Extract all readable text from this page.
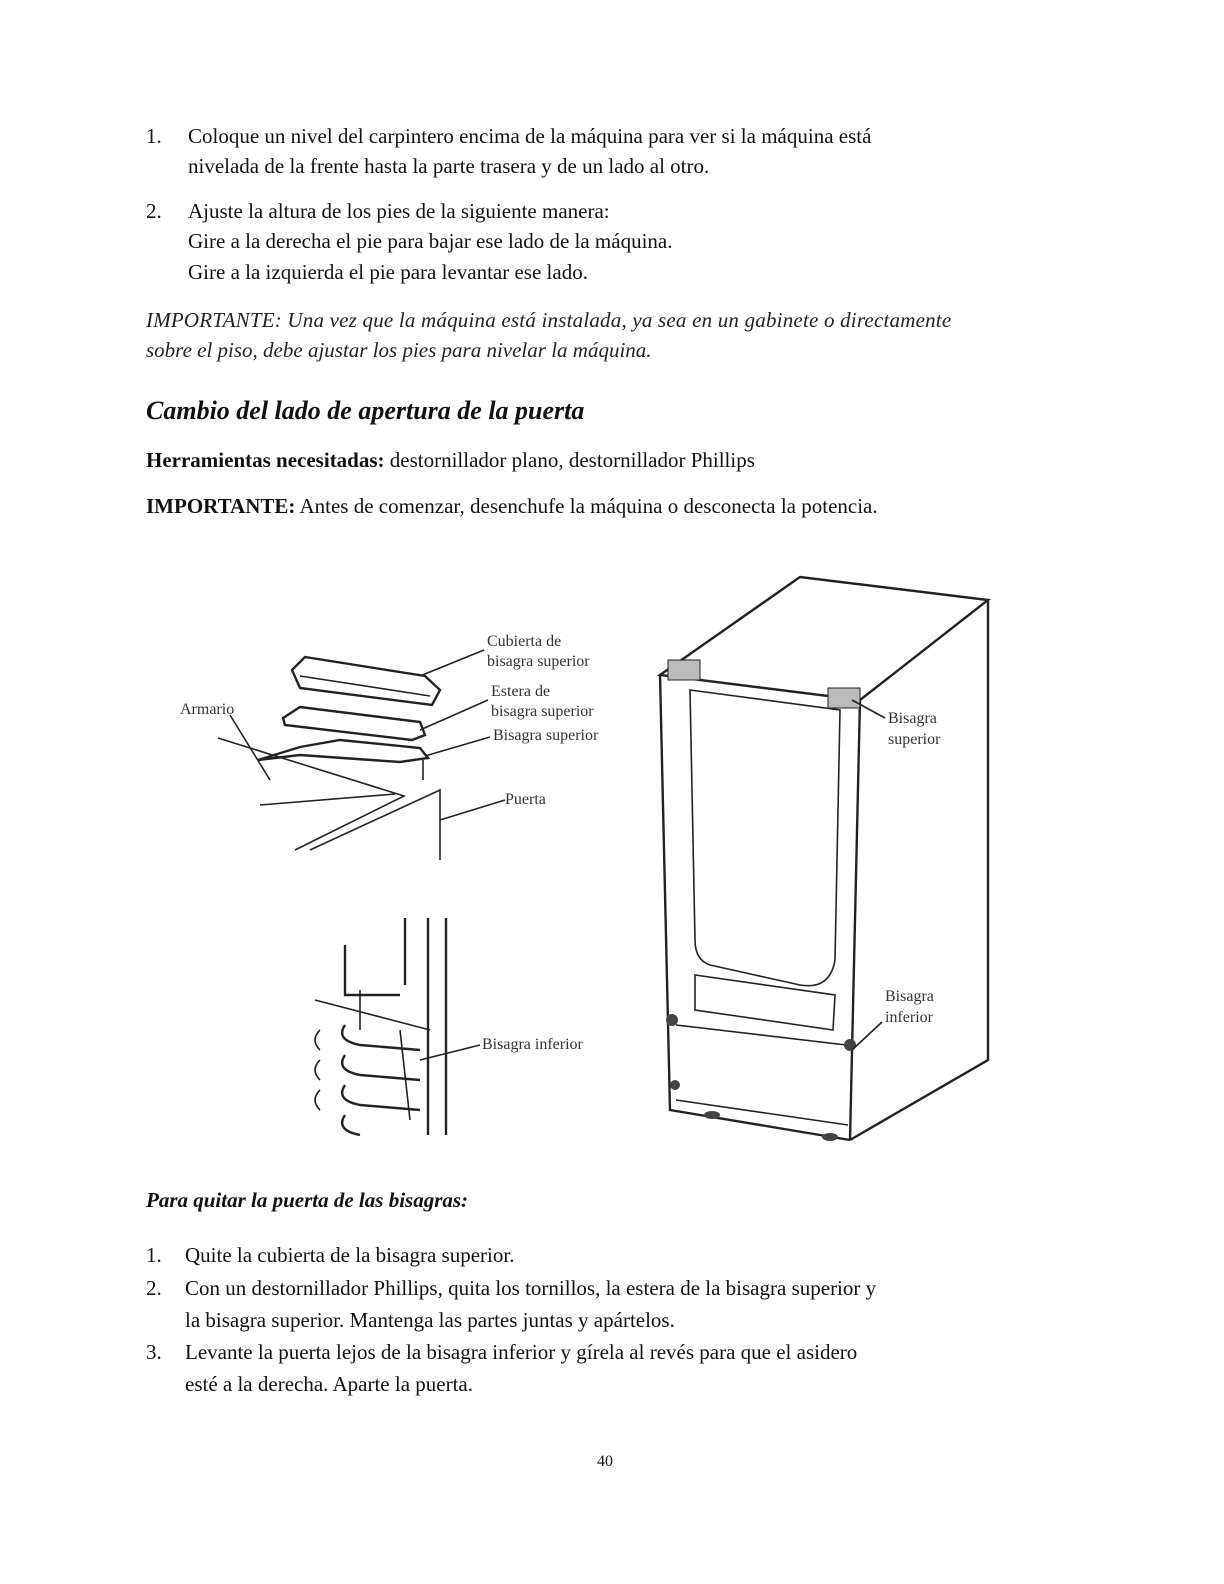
1. Coloque un nivel del carpintero encima de la máquina para ver si la máquina está
nivelada de la frente hasta la parte trasera y de un lado al otro.
2. Ajuste la altura de los pies de la siguiente manera:
Gire a la derecha el pie para bajar ese lado de la máquina.
Gire a la izquierda el pie para levantar ese lado.
IMPORTANTE: Una vez que la máquina está instalada, ya sea en un gabinete o directamente
sobre el piso, debe ajustar los pies para nivelar la máquina.
Cambio del lado de apertura de la puerta
Herramientas necesitadas: destornillador plano, destornillador Phillips
IMPORTANTE: Antes de comenzar, desenchufe la máquina o desconecta la potencia.
Cubierta de
bisagra superior
Armario
Estera de
bisagra superior
Bisagra superior
Puerta
Bisagra inferior
Bisagra
superior
Bisagra
inferior
Para quitar la puerta de las bisagras:
1. Quite la cubierta de la bisagra superior.
2. Con un destornillador Phillips, quita los tornillos, la estera de la bisagra superior y
la bisagra superior. Mantenga las partes juntas y apártelos.
3. Levante la puerta lejos de la bisagra inferior y gírela al revés para que el asidero
esté a la derecha. Aparte la puerta.
40
